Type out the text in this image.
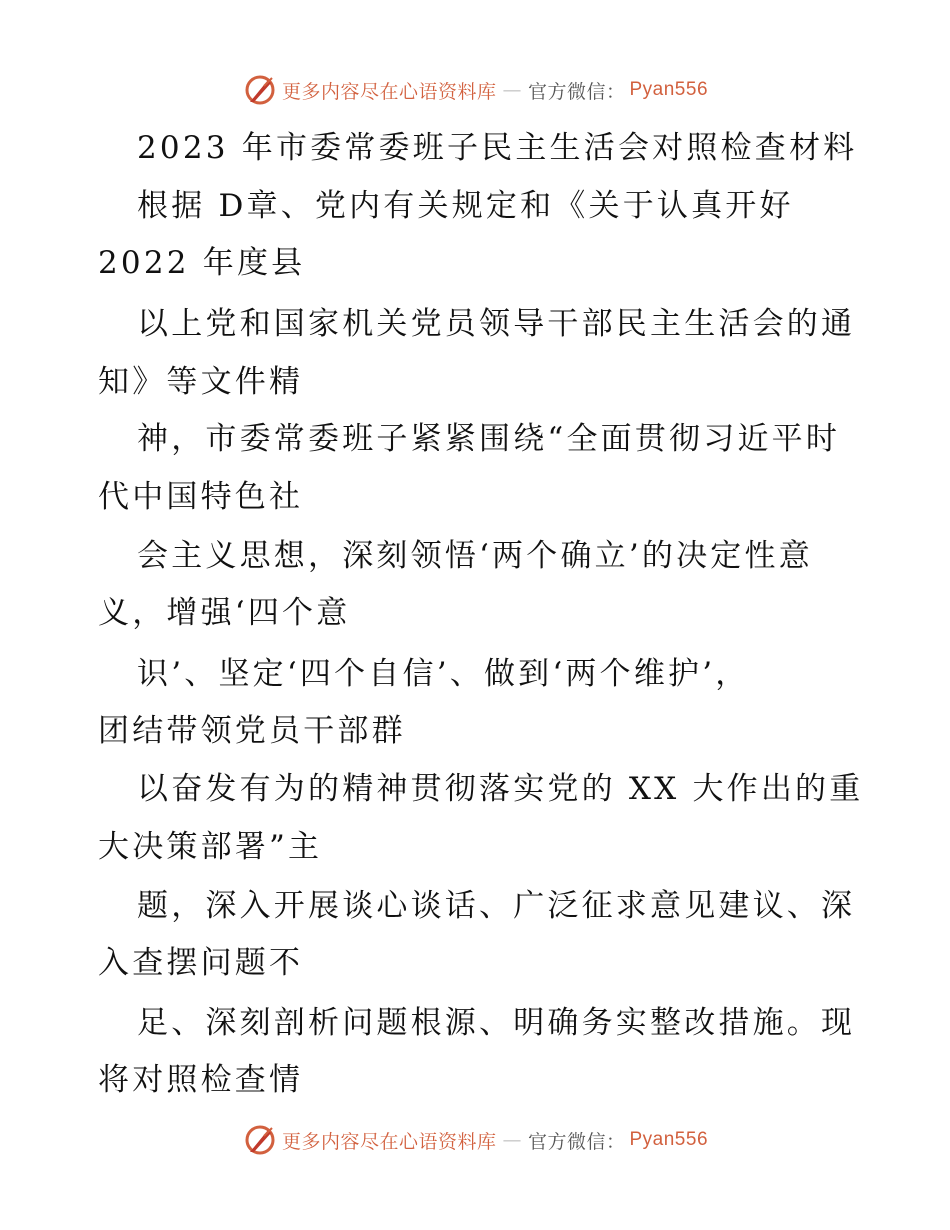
更多内容尽在心语资料库 — 官方微信： Pyan556
2023 年市委常委班子民主生活会对照检查材料
根据 D章、党内有关规定和《关于认真开好
2022 年度县
以上党和国家机关党员领导干部民主生活会的通
知》等文件精
神，市委常委班子紧紧围绕“全面贯彻习近平时
代中国特色社
会主义思想，深刻领悟‘两个确立’的决定性意
义，增强‘四个意
识’、坚定‘四个自信’、做到‘两个维护’，
团结带领党员干部群
以奋发有为的精神贯彻落实党的 XX 大作出的重
大决策部署”主
题，深入开展谈心谈话、广泛征求意见建议、深
入查摆问题不
足、深刻剖析问题根源、明确务实整改措施。现
将对照检查情
更多内容尽在心语资料库 — 官方微信： Pyan556
